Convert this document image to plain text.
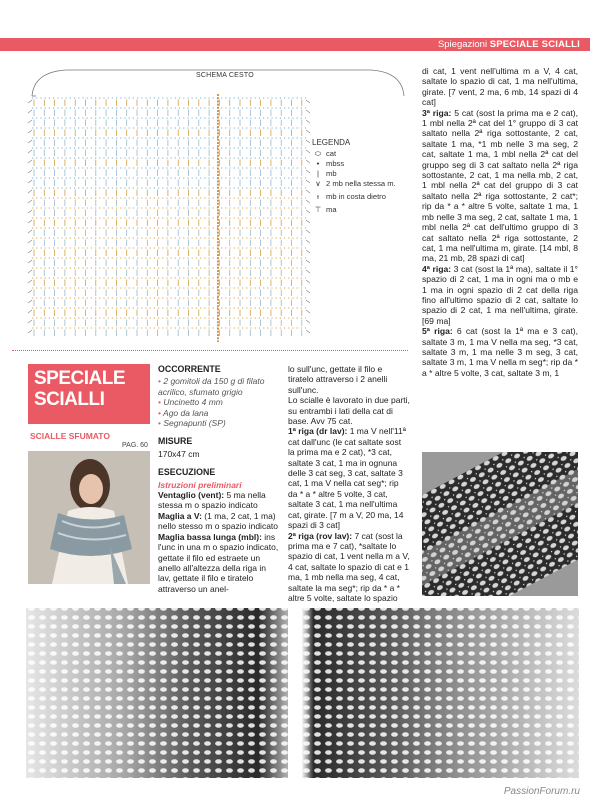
Spiegazioni SPECIALE SCIALLI
SCHEMA CESTO
LEGENDA
⬭ cat
• mbss
| mb
∨ 2 mb nella stessa m.
ᵼ mb in costa dietro
⊤ ma

di cat, 1 vent nell'ultima m a V, 4 cat, saltate lo spazio di cat, 1 ma nell'ultima, girate. [7 vent, 2 ma, 6 mb, 14 spazi di 4 cat]

3ª riga: 5 cat (sost la prima ma e 2 cat), 1 mbl nella 2ª cat del 1° gruppo di 3 cat saltato nella 2ª riga sottostante, 2 cat, saltate 1 ma, *1 mb nelle 3 ma seg, 2 cat, saltate 1 ma, 1 mbl nella 2ª cat del gruppo seg di 3 cat saltato nella 2ª riga sottostante, 2 cat, 1 ma nella mb, 2 cat, 1 mbl nella 2ª cat del gruppo di 3 cat saltato nella 2ª riga sottostante, 2 cat*; rip da * a * altre 5 volte, saltate 1 ma, 1 mb nelle 3 ma seg, 2 cat, saltate 1 ma, 1 mbl nella 2ª cat dell'ultimo gruppo di 3 cat saltato nella 2ª riga sottostante, 2 cat, 1 ma nell'ultima m, girate. [14 mbl, 8 ma, 21 mb, 28 spazi di cat]

4ª riga: 3 cat (sost la 1ª ma), saltate il 1° spazio di 2 cat, 1 ma in ogni ma o mb e 1 ma in ogni spazio di 2 cat della riga fino all'ultimo spazio di 2 cat, saltate lo spazio di 2 cat, 1 ma nell'ultima, girate. [69 ma]

5ª riga: 6 cat (sost la 1ª ma e 3 cat), saltate 3 m, 1 ma V nella ma seg, *3 cat, saltate 3 m, 1 ma nelle 3 m seg, 3 cat, saltate 3 m, 1 ma V nella m seg*; rip da * a * altre 5 volte, 3 cat, saltate 3 m, 1

SPECIALE
SCIALLI
SCIALLE SFUMATO
PAG. 60
OCCORRENTE

• 2 gomitoli da 150 g di filato acrilico, sfumato grigio

• Uncinetto 4 mm

• Ago da lana

• Segnapunti (SP)

MISURE

170x47 cm

ESECUZIONE

Istruzioni preliminari

Ventaglio (vent): 5 ma nella stessa m o spazio indicato

Maglia a V: (1 ma, 2 cat, 1 ma) nello stesso m o spazio indicato

Maglia bassa lunga (mbl): ins l'unc in una m o spazio indicato, gettate il filo ed estraete un anello all'altezza della riga in lav, gettate il filo e tiratelo attraverso un anel-

lo sull'unc, gettate il filo e tiratelo attraverso i 2 anelli sull'unc.

Lo scialle è lavorato in due parti, su entrambi i lati della cat di base. Avv 75 cat.

1ª riga (dr lav): 1 ma V nell'11ª cat dall'unc (le cat saltate sost la prima ma e 2 cat), *3 cat, saltate 3 cat, 1 ma in ognuna delle 3 cat seg, 3 cat, saltate 3 cat, 1 ma V nella cat seg*; rip da * a * altre 5 volte, 3 cat, saltate 3 cat, 1 ma nell'ultima cat, girate. [7 m a V, 20 ma, 14 spazi di 3 cat]

2ª riga (rov lav): 7 cat (sost la prima ma e 7 cat), *saltate lo spazio di cat, 1 vent nella m a V, 4 cat, saltate lo spazio di cat e 1 ma, 1 mb nella ma seg, 4 cat, saltate la ma seg*; rip da * a * altre 5 volte, saltate lo spazio

PassionForum.ru
